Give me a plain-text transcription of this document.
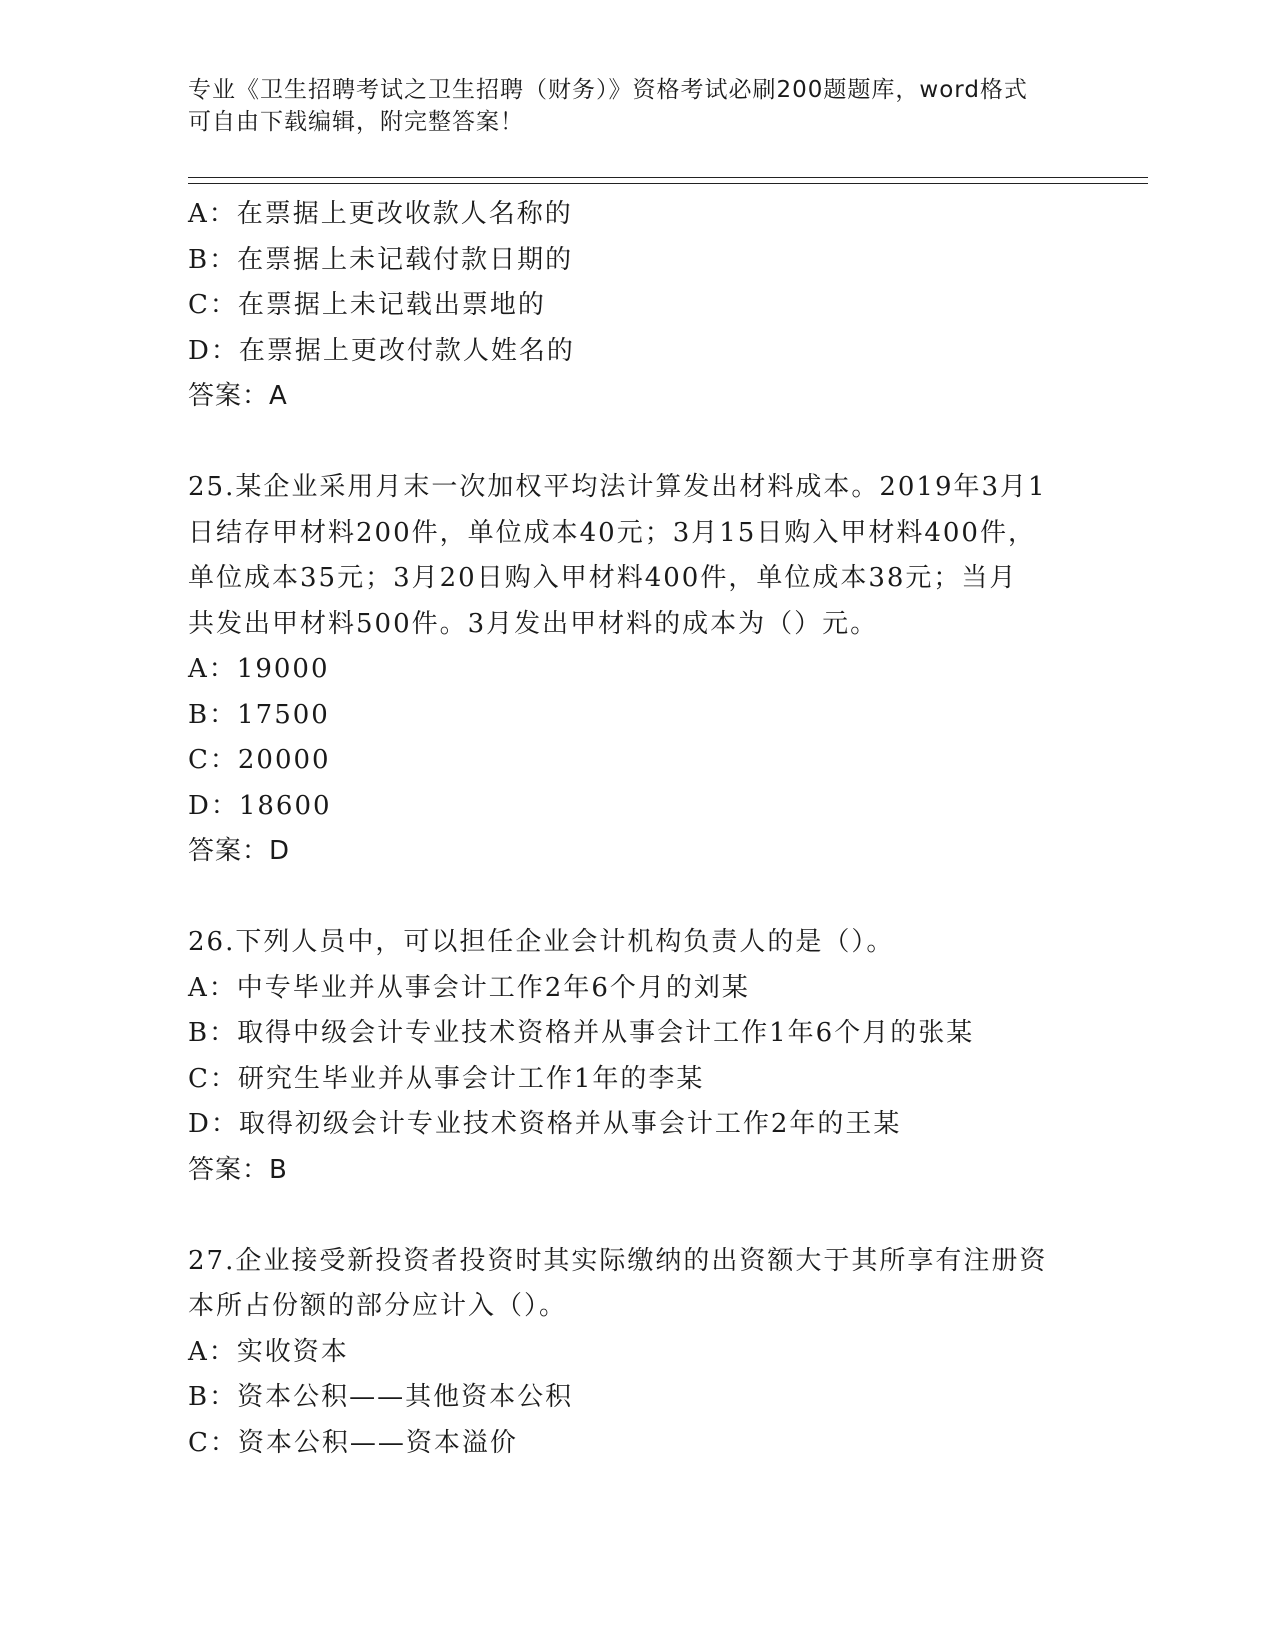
专业《卫生招聘考试之卫生招聘（财务）》资格考试必刷200题题库，word格式
可自由下载编辑，附完整答案！
A：在票据上更改收款人名称的
B：在票据上未记载付款日期的
C：在票据上未记载出票地的
D：在票据上更改付款人姓名的
答案：A
25.某企业采用月末一次加权平均法计算发出材料成本。2019年3月1
日结存甲材料200件，单位成本40元；3月15日购入甲材料400件，
单位成本35元；3月20日购入甲材料400件，单位成本38元；当月
共发出甲材料500件。3月发出甲材料的成本为（）元。
A：19000
B：17500
C：20000
D：18600
答案：D
26.下列人员中，可以担任企业会计机构负责人的是（）。
A：中专毕业并从事会计工作2年6个月的刘某
B：取得中级会计专业技术资格并从事会计工作1年6个月的张某
C：研究生毕业并从事会计工作1年的李某
D：取得初级会计专业技术资格并从事会计工作2年的王某
答案：B
27.企业接受新投资者投资时其实际缴纳的出资额大于其所享有注册资
本所占份额的部分应计入（）。
A：实收资本
B：资本公积——其他资本公积
C：资本公积——资本溢价
